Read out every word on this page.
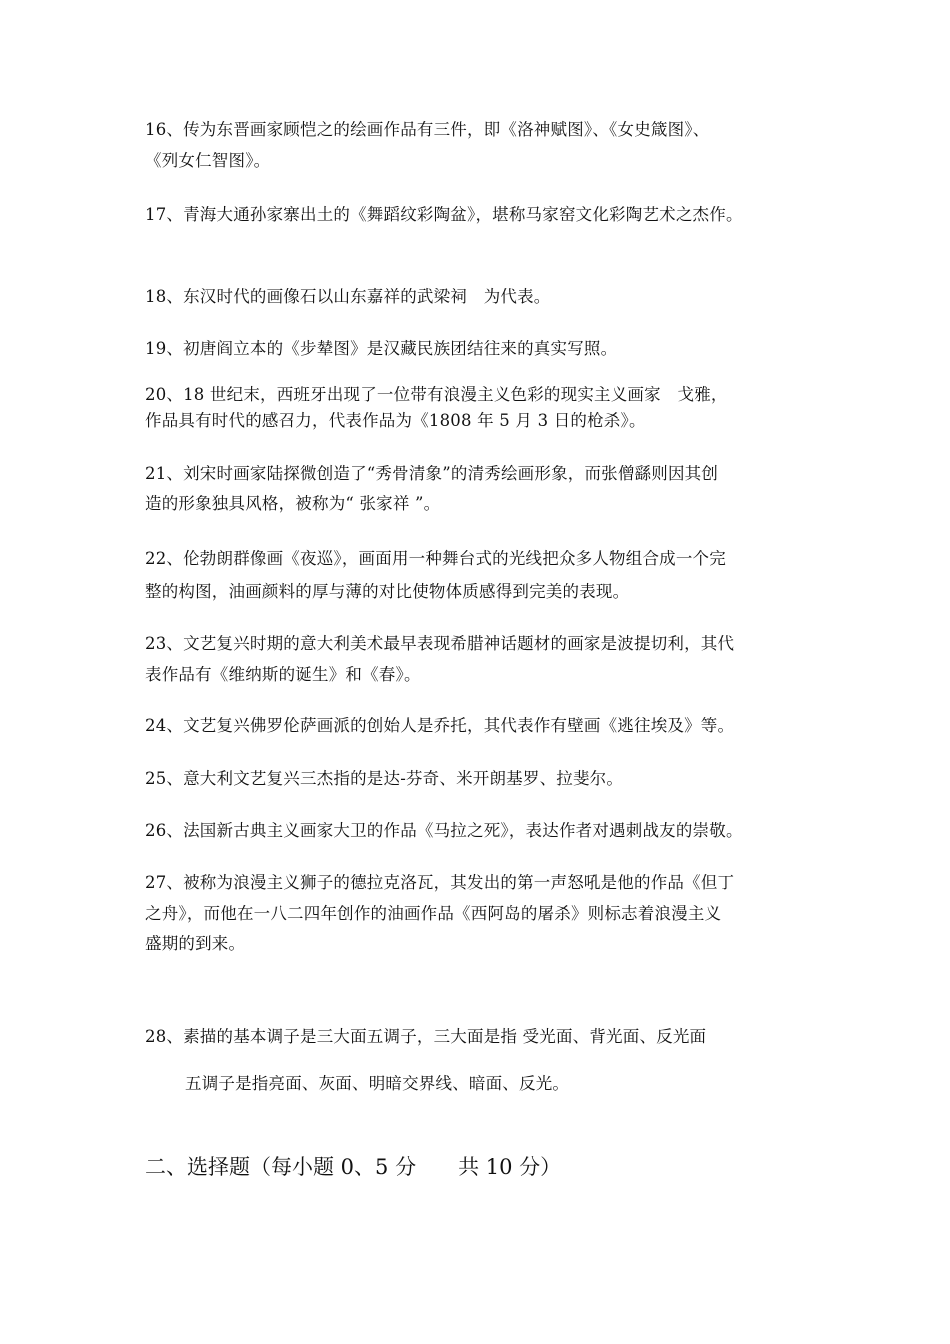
16、传为东晋画家顾恺之的绘画作品有三件，即《洛神赋图》、《女史箴图》、
《列女仁智图》。
17、青海大通孙家寨出土的《舞蹈纹彩陶盆》，堪称马家窑文化彩陶艺术之杰作。
18、东汉时代的画像石以山东嘉祥的武梁祠　为代表。
19、初唐阎立本的《步辇图》是汉藏民族团结往来的真实写照。
20、18 世纪末，西班牙出现了一位带有浪漫主义色彩的现实主义画家　戈雅，
作品具有时代的感召力，代表作品为《1808 年 5 月 3 日的枪杀》。
21、刘宋时画家陆探微创造了“秀骨清象”的清秀绘画形象，而张僧繇则因其创
造的形象独具风格，被称为“ 张家祥 ”。
22、伦勃朗群像画《夜巡》，画面用一种舞台式的光线把众多人物组合成一个完
整的构图，油画颜料的厚与薄的对比使物体质感得到完美的表现。
23、文艺复兴时期的意大利美术最早表现希腊神话题材的画家是波提切利，其代
表作品有《维纳斯的诞生》和《春》。
24、文艺复兴佛罗伦萨画派的创始人是乔托，其代表作有壁画《逃往埃及》等。
25、意大利文艺复兴三杰指的是达-芬奇、米开朗基罗、拉斐尔。
26、法国新古典主义画家大卫的作品《马拉之死》，表达作者对遇刺战友的崇敬。
27、被称为浪漫主义狮子的德拉克洛瓦，其发出的第一声怒吼是他的作品《但丁
之舟》，而他在一八二四年创作的油画作品《西阿岛的屠杀》则标志着浪漫主义
盛期的到来。
28、素描的基本调子是三大面五调子，三大面是指 受光面、背光面、反光面
五调子是指亮面、灰面、明暗交界线、暗面、反光。
二、选择题（每小题 0、5 分　　共 10 分）
